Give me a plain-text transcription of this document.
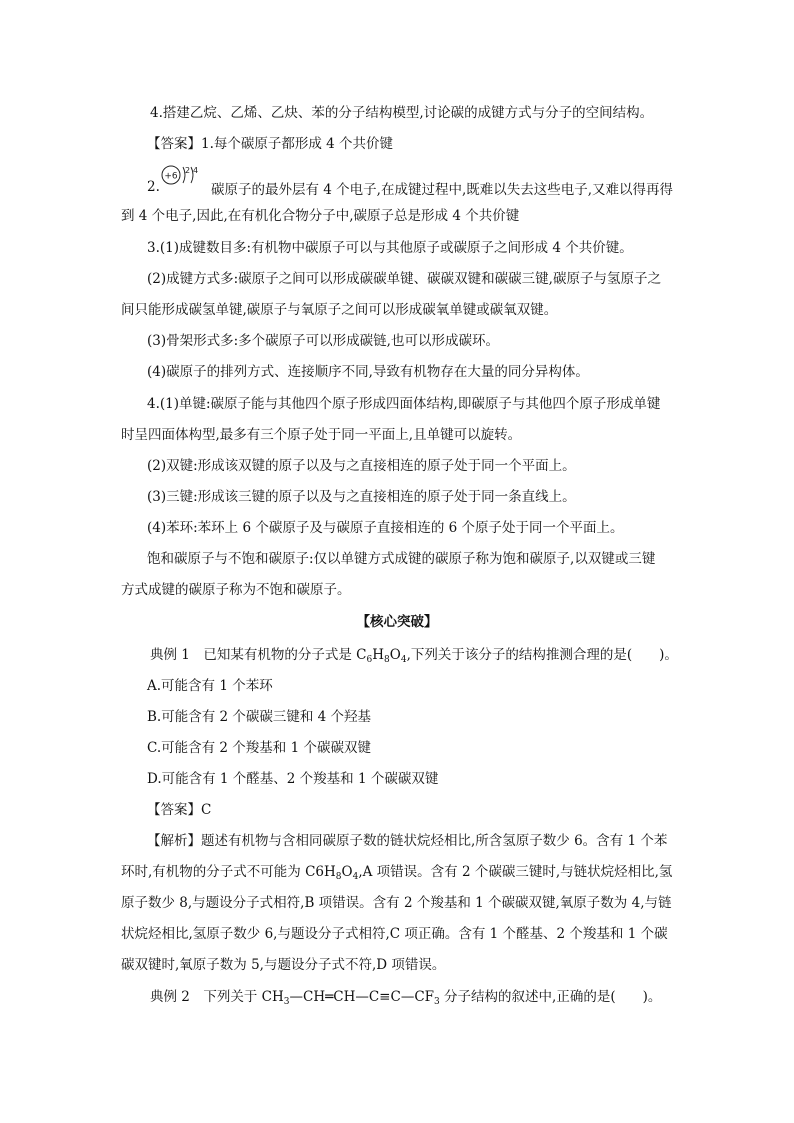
4.搭建乙烷、乙烯、乙炔、苯的分子结构模型,讨论碳的成键方式与分子的空间结构。
【答案】1.每个碳原子都形成 4 个共价键
+6
2 4
2.	碳原子的最外层有 4 个电子,在成键过程中,既难以失去这些电子,又难以得再得
到 4 个电子,因此,在有机化合物分子中,碳原子总是形成 4 个共价键
3.(1)成键数目多:有机物中碳原子可以与其他原子或碳原子之间形成 4 个共价键。
(2)成键方式多:碳原子之间可以形成碳碳单键、碳碳双键和碳碳三键,碳原子与氢原子之
间只能形成碳氢单键,碳原子与氧原子之间可以形成碳氧单键或碳氧双键。
(3)骨架形式多:多个碳原子可以形成碳链,也可以形成碳环。
(4)碳原子的排列方式、连接顺序不同,导致有机物存在大量的同分异构体。
4.(1)单键:碳原子能与其他四个原子形成四面体结构,即碳原子与其他四个原子形成单键
时呈四面体构型,最多有三个原子处于同一平面上,且单键可以旋转。
(2)双键:形成该双键的原子以及与之直接相连的原子处于同一个平面上。
(3)三键:形成该三键的原子以及与之直接相连的原子处于同一条直线上。
(4)苯环:苯环上 6 个碳原子及与碳原子直接相连的 6 个原子处于同一个平面上。
饱和碳原子与不饱和碳原子:仅以单键方式成键的碳原子称为饱和碳原子,以双键或三键
方式成键的碳原子称为不饱和碳原子。
【核心突破】
典例 1　已知某有机物的分子式是 $C_6H_8O_4$,下列关于该分子的结构推测合理的是(　　)。
A.可能含有 1 个苯环
B.可能含有 2 个碳碳三键和 4 个羟基
C.可能含有 2 个羧基和 1 个碳碳双键
D.可能含有 1 个醛基、2 个羧基和 1 个碳碳双键
【答案】C
【解析】题述有机物与含相同碳原子数的链状烷烃相比,所含氢原子数少 6。含有 1 个苯
环时,有机物的分子式不可能为 $C6H_8O_4,A$ 项错误。含有 2 个碳碳三键时,与链状烷烃相比,氢
原子数少 8,与题设分子式相符,B 项错误。含有 2 个羧基和 1 个碳碳双键,氧原子数为 4,与链
状烷烃相比,氢原子数少 6,与题设分子式相符,C 项正确。含有 1 个醛基、2 个羧基和 1 个碳
碳双键时,氧原子数为 5,与题设分子式不符,D 项错误。
典例 2　下列关于 $CH_3—CH═CH—C\equiv C—CF_3$ 分子结构的叙述中,正确的是(　　)。
